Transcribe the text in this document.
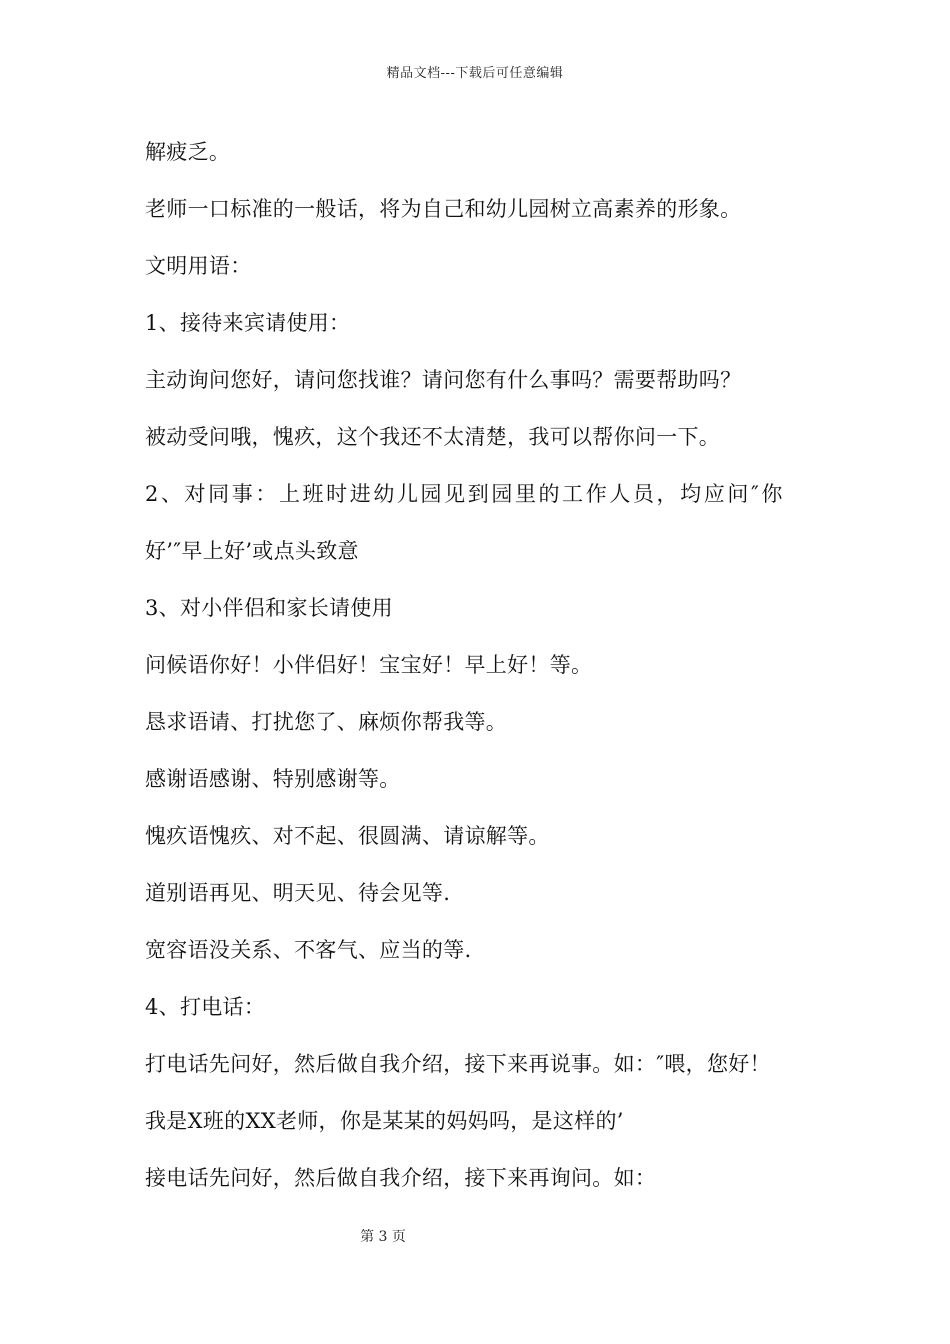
精品文档---下载后可任意编辑
解疲乏。
老师一口标准的一般话，将为自己和幼儿园树立高素养的形象。
文明用语：
1、接待来宾请使用：
主动询问您好，请问您找谁？请问您有什么事吗？需要帮助吗？
被动受问哦，愧疚，这个我还不太清楚，我可以帮你问一下。
2、对同事：上班时进幼儿园见到园里的工作人员，均应问″你
好’″早上好’或点头致意
3、对小伴侣和家长请使用
问候语你好！小伴侣好！宝宝好！早上好！等。
恳求语请、打扰您了、麻烦你帮我等。
感谢语感谢、特别感谢等。
愧疚语愧疚、对不起、很圆满、请谅解等。
道别语再见、明天见、待会见等.
宽容语没关系、不客气、应当的等.
4、打电话：
打电话先问好，然后做自我介绍，接下来再说事。如：″喂，您好！
我是X班的XX老师，你是某某的妈妈吗，是这样的’
接电话先问好，然后做自我介绍，接下来再询问。如：
第 3 页
